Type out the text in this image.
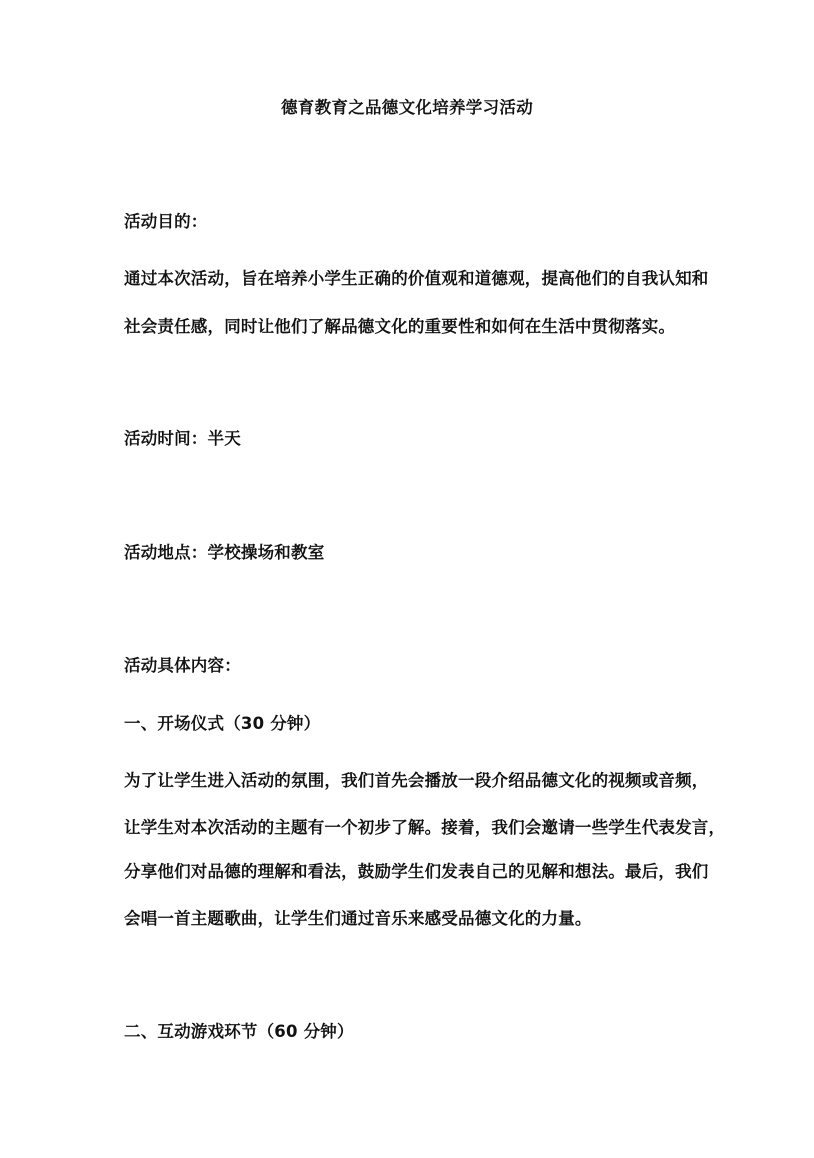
德育教育之品德文化培养学习活动
活动目的：
通过本次活动，旨在培养小学生正确的价值观和道德观，提高他们的自我认知和
社会责任感，同时让他们了解品德文化的重要性和如何在生活中贯彻落实。
活动时间：半天
活动地点：学校操场和教室
活动具体内容：
一、开场仪式（30 分钟）
为了让学生进入活动的氛围，我们首先会播放一段介绍品德文化的视频或音频，
让学生对本次活动的主题有一个初步了解。接着，我们会邀请一些学生代表发言，
分享他们对品德的理解和看法，鼓励学生们发表自己的见解和想法。最后，我们
会唱一首主题歌曲，让学生们通过音乐来感受品德文化的力量。
二、互动游戏环节（60 分钟）
